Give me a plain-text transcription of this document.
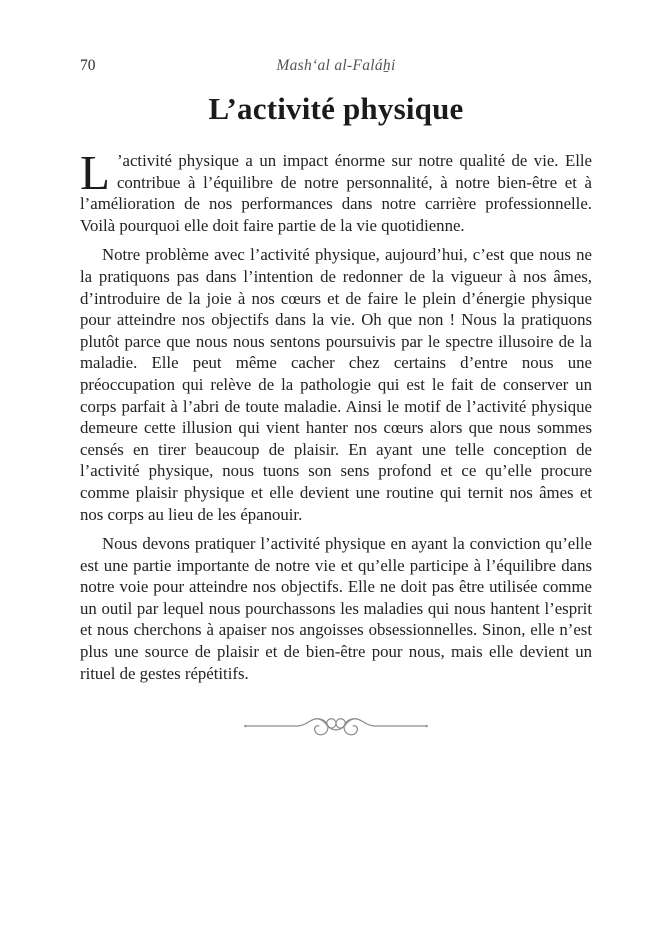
70	Mash‘al al-Faláẖi
L’activité physique

L ’activité physique a un impact énorme sur notre qualité de vie. Elle contribue à l’équilibre de notre personnalité, à notre bien-être et à l’amélioration de nos performances dans notre carrière professionnelle. Voilà pourquoi elle doit faire partie de la vie quotidienne.

Notre problème avec l’activité physique, aujourd’hui, c’est que nous ne la pratiquons pas dans l’intention de redonner de la vigueur à nos âmes, d’introduire de la joie à nos cœurs et de faire le plein d’énergie physique pour atteindre nos objectifs dans la vie. Oh que non ! Nous la pratiquons plutôt parce que nous nous sentons poursuivis par le spectre illusoire de la maladie. Elle peut même cacher chez certains d’entre nous une préoccupation qui relève de la pathologie qui est le fait de conserver un corps parfait à l’abri de toute maladie. Ainsi le motif de l’activité physique demeure cette illusion qui vient hanter nos cœurs alors que nous sommes censés en tirer beaucoup de plaisir. En ayant une telle conception de l’activité physique, nous tuons son sens profond et ce qu’elle procure comme plaisir physique et elle devient une routine qui ternit nos âmes et nos corps au lieu de les épanouir.

Nous devons pratiquer l’activité physique en ayant la conviction qu’elle est une partie importante de notre vie et qu’elle participe à l’équilibre dans notre voie pour atteindre nos objectifs. Elle ne doit pas être utilisée comme un outil par lequel nous pourchassons les maladies qui nous hantent l’esprit et nous cherchons à apaiser nos angoisses obsessionnelles. Sinon, elle n’est plus une source de plaisir et de bien-être pour nous, mais elle devient un rituel de gestes répétitifs.
